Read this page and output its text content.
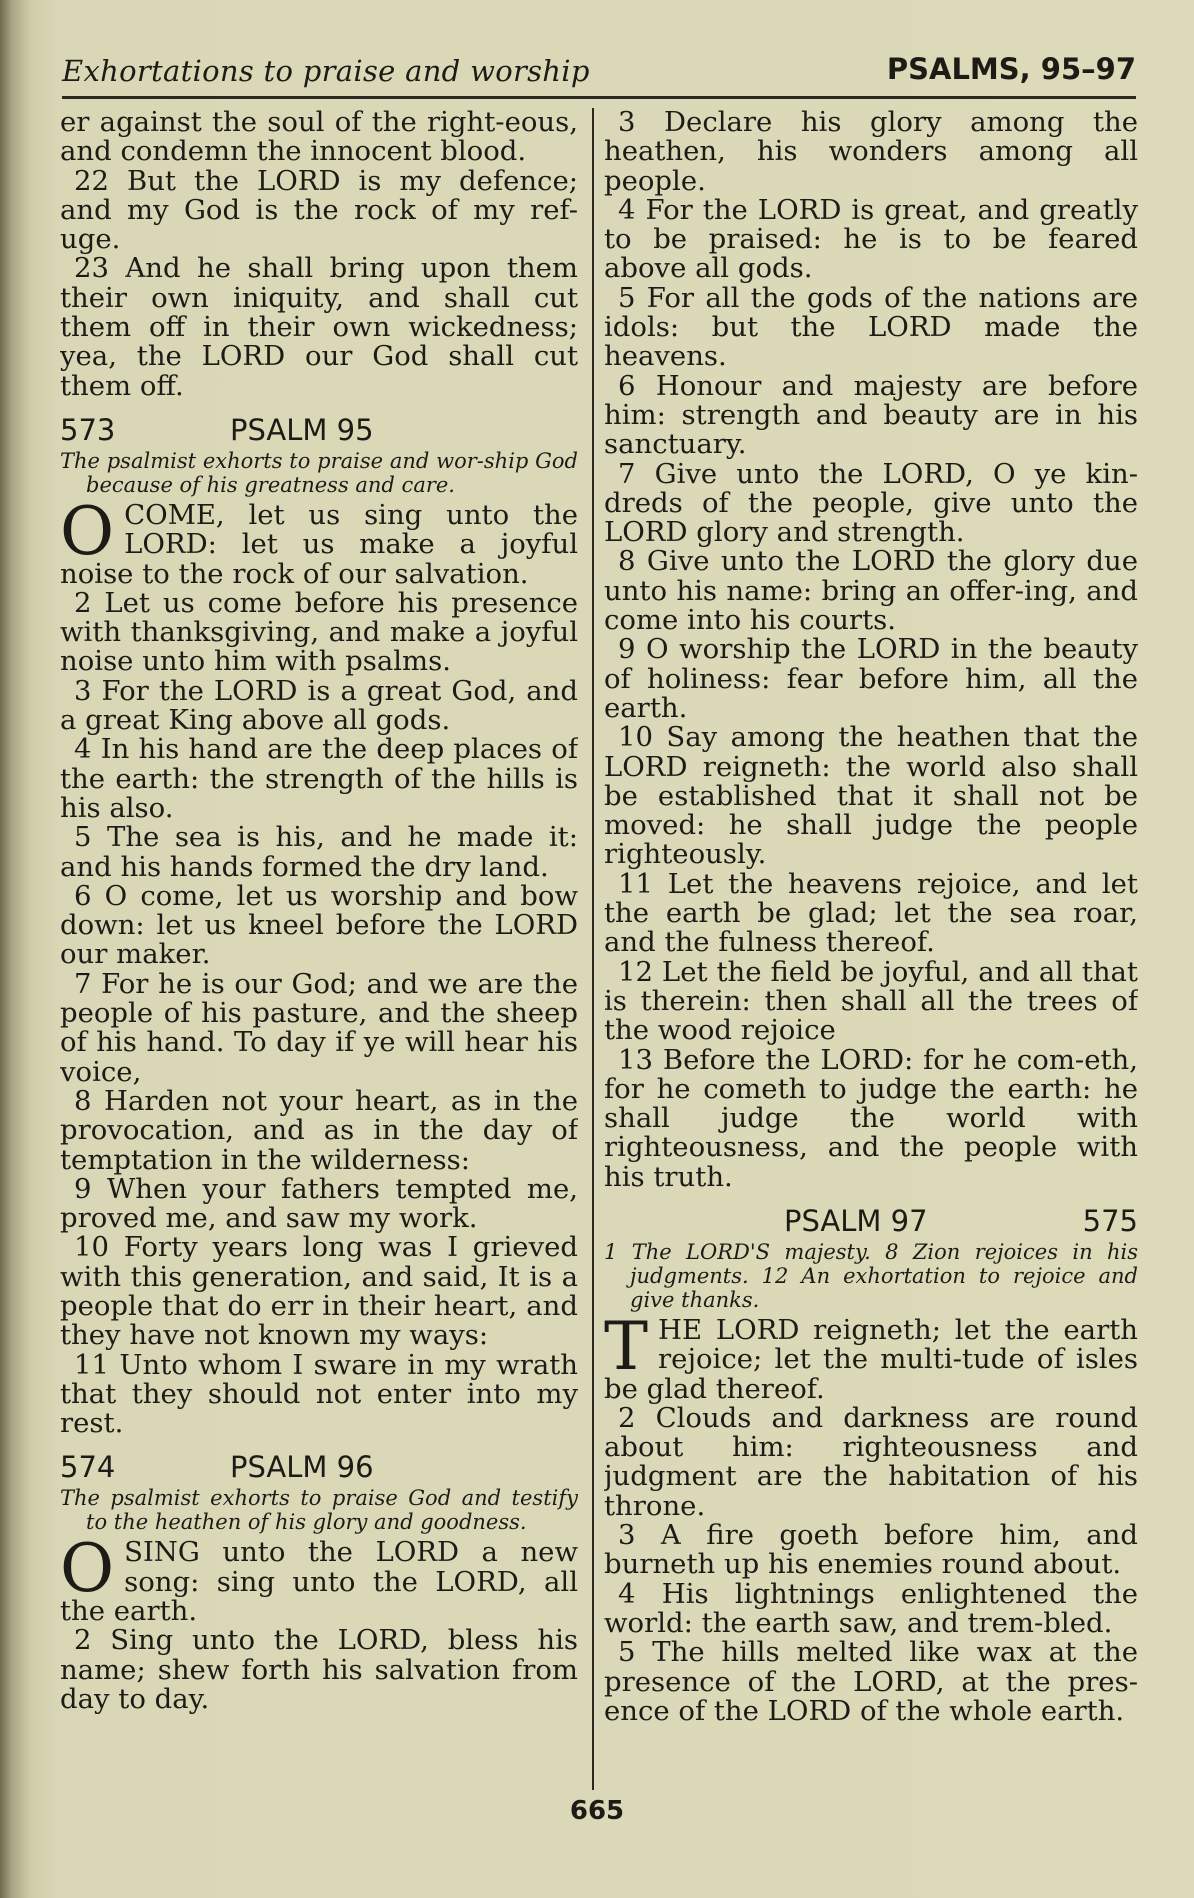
Exhortations to praise and worship	PSALMS, 95–97

er against the soul of the right-eous, and condemn the innocent blood.

22 But the LORD is my defence; and my God is the rock of my ref-uge.

23 And he shall bring upon them their own iniquity, and shall cut them off in their own wickedness; yea, the LORD our God shall cut them off.

573	PSALM 95

The psalmist exhorts to praise and wor-ship God because of his greatness and care.

OCOME, let us sing unto the LORD: let us make a joyful noise to the rock of our salvation.

2 Let us come before his presence with thanksgiving, and make a joyful noise unto him with psalms.

3 For the LORD is a great God, and a great King above all gods.

4 In his hand are the deep places of the earth: the strength of the hills is his also.

5 The sea is his, and he made it: and his hands formed the dry land.

6 O come, let us worship and bow down: let us kneel before the LORD our maker.

7 For he is our God; and we are the people of his pasture, and the sheep of his hand. To day if ye will hear his voice,

8 Harden not your heart, as in the provocation, and as in the day of temptation in the wilderness:

9 When your fathers tempted me, proved me, and saw my work.

10 Forty years long was I grieved with this generation, and said, It is a people that do err in their heart, and they have not known my ways:

11 Unto whom I sware in my wrath that they should not enter into my rest.

574	PSALM 96

The psalmist exhorts to praise God and testify to the heathen of his glory and goodness.

OSING unto the LORD a new song: sing unto the LORD, all the earth.

2 Sing unto the LORD, bless his name; shew forth his salvation from day to day.

3 Declare his glory among the heathen, his wonders among all people.

4 For the LORD is great, and greatly to be praised: he is to be feared above all gods.

5 For all the gods of the nations are idols: but the LORD made the heavens.

6 Honour and majesty are before him: strength and beauty are in his sanctuary.

7 Give unto the LORD, O ye kin-dreds of the people, give unto the LORD glory and strength.

8 Give unto the LORD the glory due unto his name: bring an offer-ing, and come into his courts.

9 O worship the LORD in the beauty of holiness: fear before him, all the earth.

10 Say among the heathen that the LORD reigneth: the world also shall be established that it shall not be moved: he shall judge the people righteously.

11 Let the heavens rejoice, and let the earth be glad; let the sea roar, and the fulness thereof.

12 Let the field be joyful, and all that is therein: then shall all the trees of the wood rejoice

13 Before the LORD: for he com-eth, for he cometh to judge the earth: he shall judge the world with righteousness, and the people with his truth.

PSALM 97	575

1 The LORD'S majesty. 8 Zion rejoices in his judgments. 12 An exhortation to rejoice and give thanks.

THE LORD reigneth; let the earth rejoice; let the multi-tude of isles be glad thereof.

2 Clouds and darkness are round about him: righteousness and judgment are the habitation of his throne.

3 A fire goeth before him, and burneth up his enemies round about.

4 His lightnings enlightened the world: the earth saw, and trem-bled.

5 The hills melted like wax at the presence of the LORD, at the pres-ence of the LORD of the whole earth.

665
